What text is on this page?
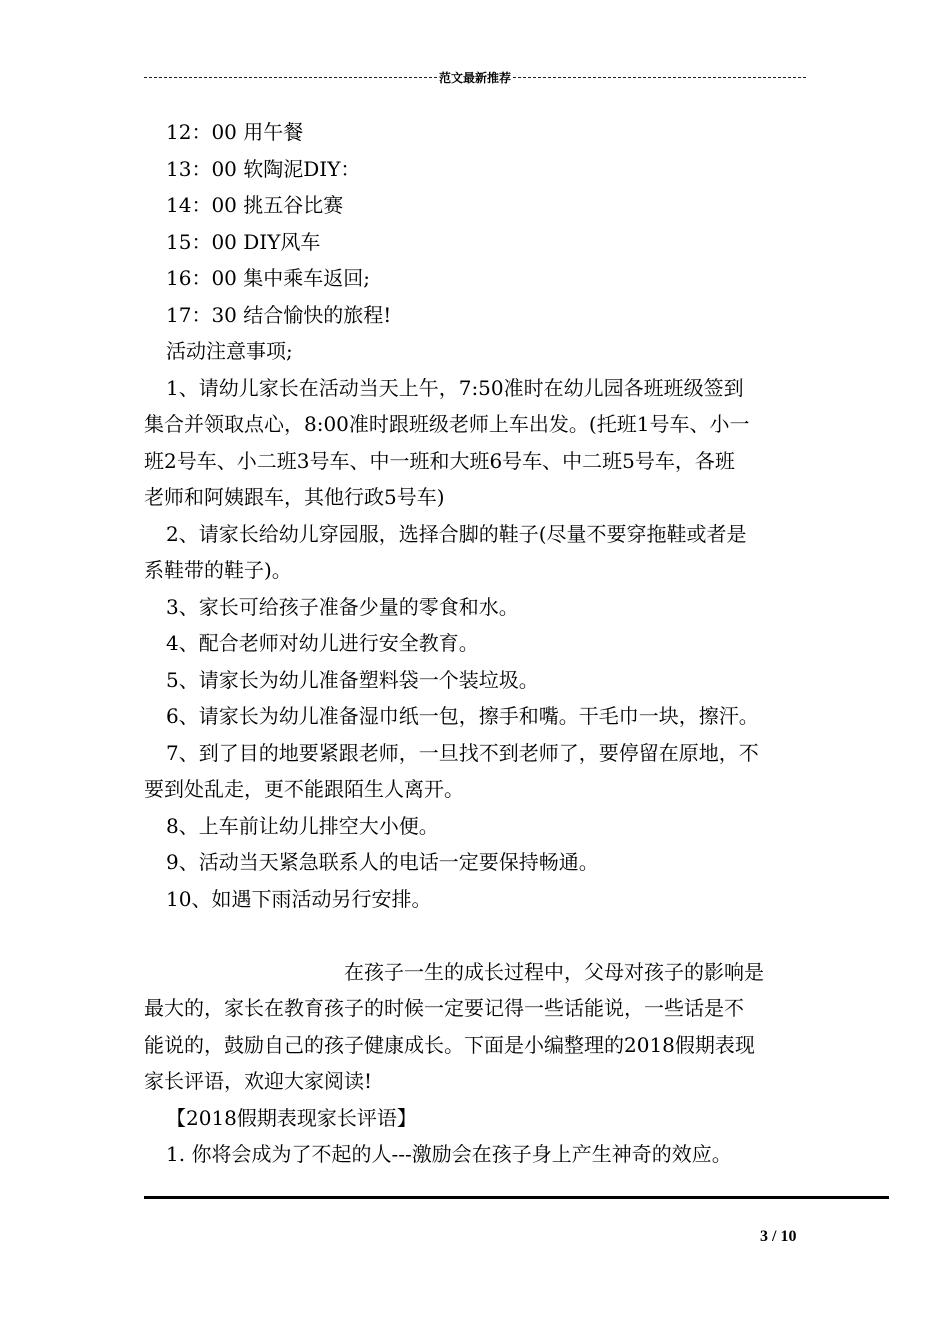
范文最新推荐
12：00 用午餐
13：00 软陶泥DIY：
14：00 挑五谷比赛
15：00 DIY风车
16：00 集中乘车返回;
17：30 结合愉快的旅程!
活动注意事项;
1、请幼儿家长在活动当天上午，7:50准时在幼儿园各班班级签到
集合并领取点心，8:00准时跟班级老师上车出发。(托班1号车、小一
班2号车、小二班3号车、中一班和大班6号车、中二班5号车，各班
老师和阿姨跟车，其他行政5号车)
2、请家长给幼儿穿园服，选择合脚的鞋子(尽量不要穿拖鞋或者是
系鞋带的鞋子)。
3、家长可给孩子准备少量的零食和水。
4、配合老师对幼儿进行安全教育。
5、请家长为幼儿准备塑料袋一个装垃圾。
6、请家长为幼儿准备湿巾纸一包，擦手和嘴。干毛巾一块，擦汗。
7、到了目的地要紧跟老师，一旦找不到老师了，要停留在原地，不
要到处乱走，更不能跟陌生人离开。
8、上车前让幼儿排空大小便。
9、活动当天紧急联系人的电话一定要保持畅通。
10、如遇下雨活动另行安排。
在孩子一生的成长过程中，父母对孩子的影响是
最大的，家长在教育孩子的时候一定要记得一些话能说，一些话是不
能说的，鼓励自己的孩子健康成长。下面是小编整理的2018假期表现
家长评语，欢迎大家阅读!
【2018假期表现家长评语】
1. 你将会成为了不起的人---激励会在孩子身上产生神奇的效应。
3 / 10
